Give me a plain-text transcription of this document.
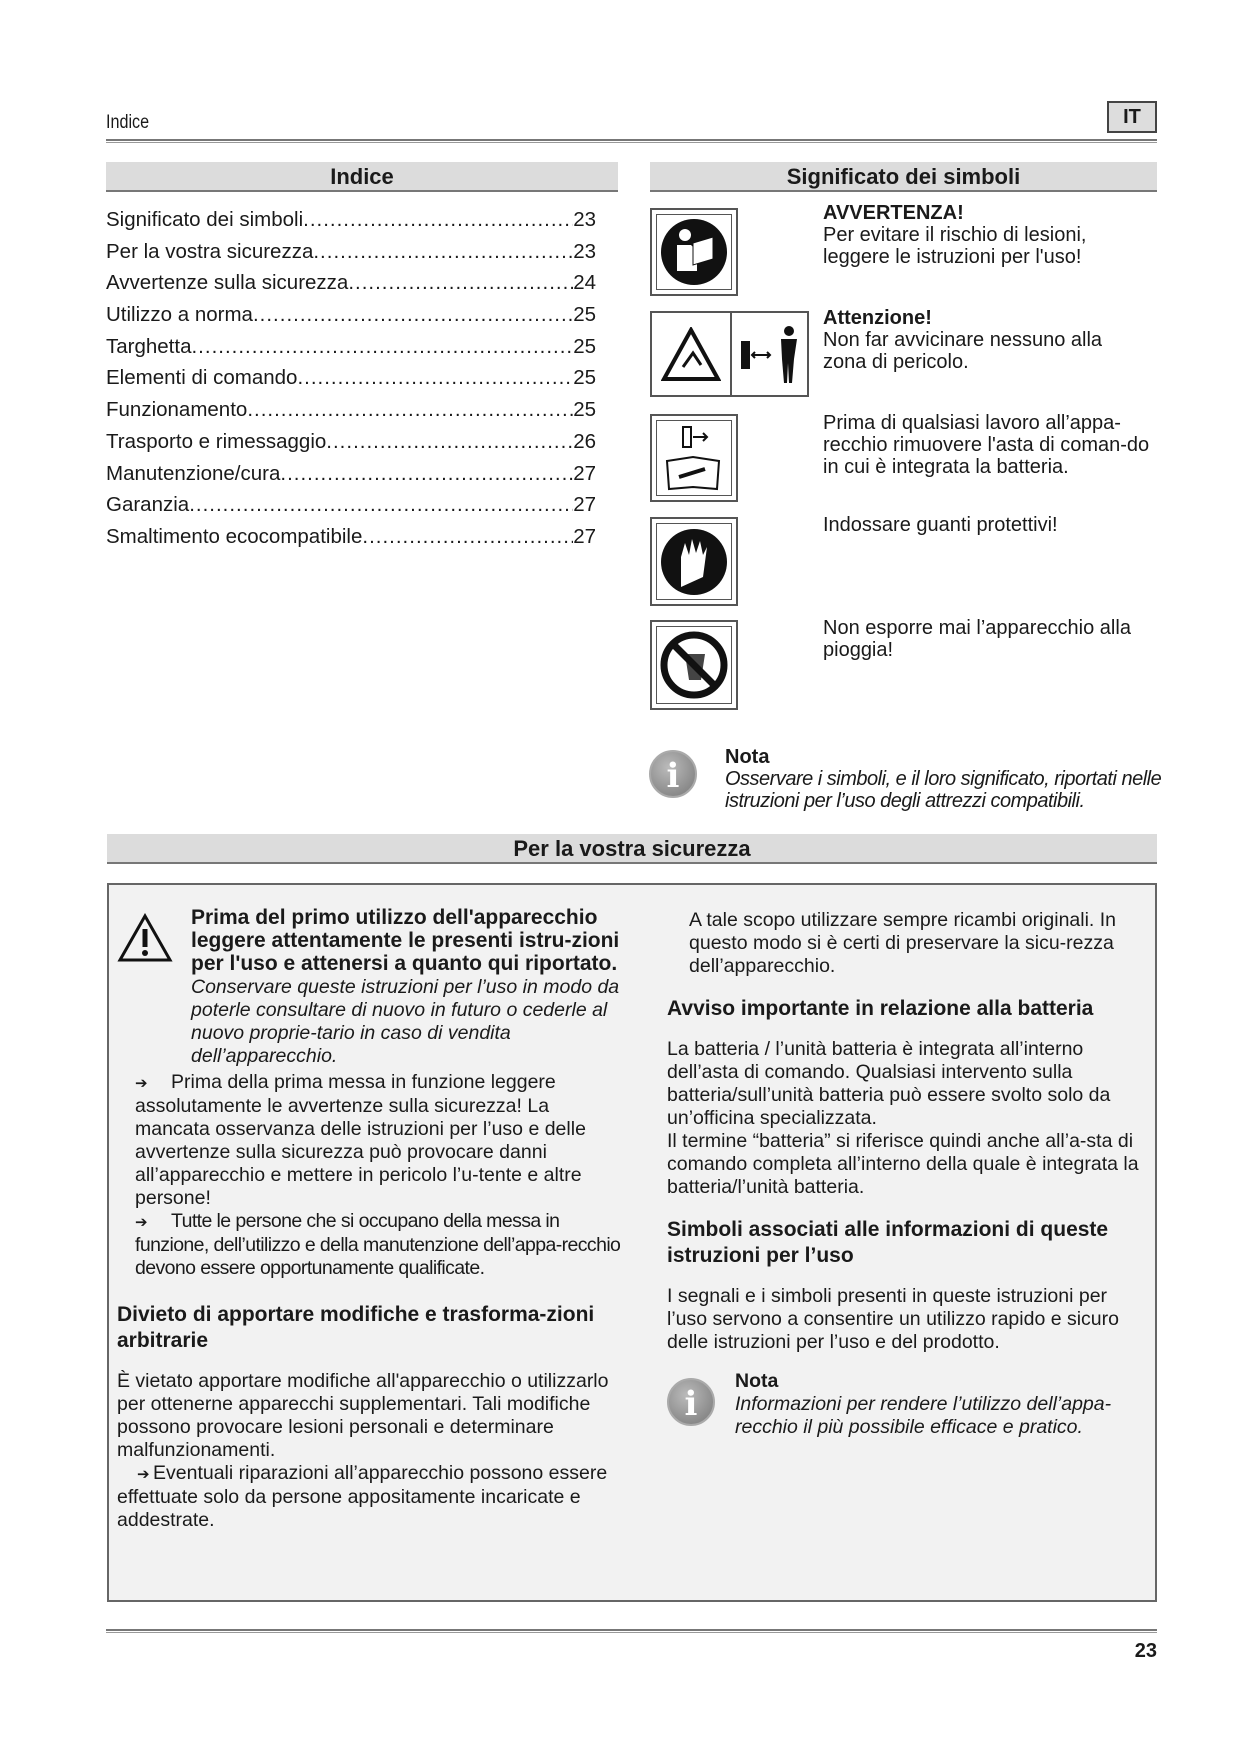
Indice	IT
Indice
Significato dei simboli .....	23
Per la vostra sicurezza .....	23
Avvertenze sulla sicurezza .....	24
Utilizzo a norma .....	25
Targhetta .....	25
Elementi di comando .....	25
Funzionamento .....	25
Trasporto e rimessaggio .....	26
Manutenzione/cura .....	27
Garanzia .....	27
Smaltimento ecocompatibile .....	27
Significato dei simboli
AVVERTENZA!
Per evitare il rischio di lesioni, leggere le istruzioni per l'uso!
Attenzione!
Non far avvicinare nessuno alla zona di pericolo.
Prima di qualsiasi lavoro all’appa-recchio rimuovere l'asta di coman-do in cui è integrata la batteria.
Indossare guanti protettivi!
Non esporre mai l’apparecchio alla pioggia!
i	Nota
Osservare i simboli, e il loro significato, riportati nelle istruzioni per l’uso degli attrezzi compatibili.
Per la vostra sicurezza
Prima del primo utilizzo dell'apparecchio leggere attentamente le presenti istru-zioni per l'uso e attenersi a quanto qui riportato. Conservare queste istruzioni per l’uso in modo da poterle consultare di nuovo in futuro o cederle al nuovo proprie-tario in caso di vendita dell’apparecchio.

➔ Prima della prima messa in funzione leggere assolutamente le avvertenze sulla sicurezza! La mancata osservanza delle istruzioni per l’uso e delle avvertenze sulla sicurezza può provocare danni all’apparecchio e mettere in pericolo l’u-tente e altre persone!

➔ Tutte le persone che si occupano della messa in funzione, dell’utilizzo e della manutenzione dell’appa-recchio devono essere opportunamente qualificate.

Divieto di apportare modifiche e trasforma-zioni arbitrarie

È vietato apportare modifiche all'apparecchio o utilizzarlo per ottenerne apparecchi supplementari. Tali modifiche possono provocare lesioni personali e determinare malfunzionamenti.

➔ Eventuali riparazioni all’apparecchio possono essere effettuate solo da persone appositamente incaricate e addestrate.

A tale scopo utilizzare sempre ricambi originali. In questo modo si è certi di preservare la sicu-rezza dell’apparecchio.

Avviso importante in relazione alla batteria

La batteria / l’unità batteria è integrata all’interno dell’asta di comando. Qualsiasi intervento sulla batteria/sull’unità batteria può essere svolto solo da un’officina specializzata.

Il termine “batteria” si riferisce quindi anche all’a-sta di comando completa all’interno della quale è integrata la batteria/l’unità batteria.

Simboli associati alle informazioni di queste istruzioni per l’uso

I segnali e i simboli presenti in queste istruzioni per l’uso servono a consentire un utilizzo rapido e sicuro delle istruzioni per l’uso e del prodotto.

i
Nota
Informazioni per rendere l’utilizzo dell’appa-recchio il più possibile efficace e pratico.
23
